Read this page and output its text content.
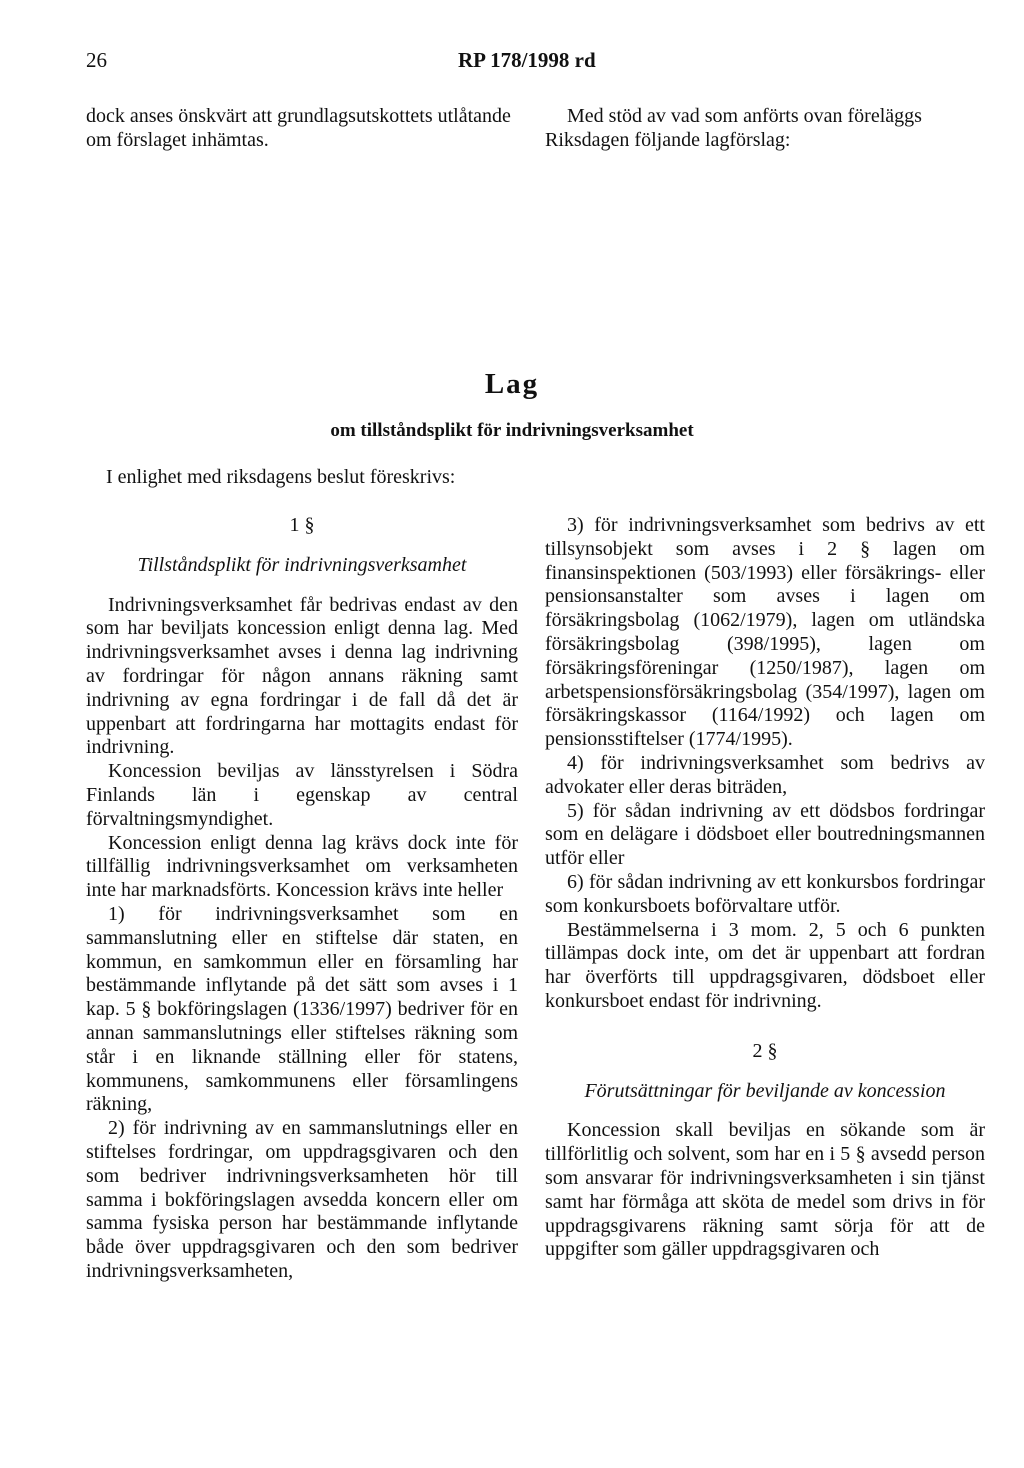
26	RP 178/1998 rd
dock anses önskvärt att grundlagsutskottets utlåtande om förslaget inhämtas.
Med stöd av vad som anförts ovan föreläggs Riksdagen följande lagförslag:
Lag
om tillståndsplikt för indrivningsverksamhet
I enlighet med riksdagens beslut föreskrivs:
1 §
Tillståndsplikt för indrivningsverksamhet

Indrivningsverksamhet får bedrivas endast av den som har beviljats koncession enligt denna lag. Med indrivningsverksamhet avses i denna lag indrivning av fordringar för någon annans räkning samt indrivning av egna fordringar i de fall då det är uppenbart att fordringarna har mottagits endast för indrivning.

Koncession beviljas av länsstyrelsen i Södra Finlands län i egenskap av central förvaltningsmyndighet.

Koncession enligt denna lag krävs dock inte för tillfällig indrivningsverksamhet om verksamheten inte har marknadsförts. Koncession krävs inte heller

1) för indrivningsverksamhet som en sammanslutning eller en stiftelse där staten, en kommun, en samkommun eller en församling har bestämmande inflytande på det sätt som avses i 1 kap. 5 § bokföringslagen (1336/1997) bedriver för en annan sammanslutnings eller stiftelses räkning som står i en liknande ställning eller för statens, kommunens, samkommunens eller församlingens räkning,

2) för indrivning av en sammanslutnings eller en stiftelses fordringar, om uppdragsgivaren och den som bedriver indrivningsverksamheten hör till samma i bokföringslagen avsedda koncern eller om samma fysiska person har bestämmande inflytande både över uppdragsgivaren och den som bedriver indrivningsverksamheten,

3) för indrivningsverksamhet som bedrivs av ett tillsynsobjekt som avses i 2 § lagen om finansinspektionen (503/1993) eller försäkrings- eller pensionsanstalter som avses i lagen om försäkringsbolag (1062/1979), lagen om utländska försäkringsbolag (398/1995), lagen om försäkringsföreningar (1250/1987), lagen om arbetspensionsförsäkringsbolag (354/1997), lagen om försäkringskassor (1164/1992) och lagen om pensionsstiftelser (1774/1995).

4) för indrivningsverksamhet som bedrivs av advokater eller deras biträden,

5) för sådan indrivning av ett dödsbos fordringar som en delägare i dödsboet eller boutredningsmannen utför eller

6) för sådan indrivning av ett konkursbos fordringar som konkursboets boförvaltare utför.

Bestämmelserna i 3 mom. 2, 5 och 6 punkten tillämpas dock inte, om det är uppenbart att fordran har överförts till uppdragsgivaren, dödsboet eller konkursboet endast för indrivning.

2 §
Förutsättningar för beviljande av koncession

Koncession skall beviljas en sökande som är tillförlitlig och solvent, som har en i 5 § avsedd person som ansvarar för indrivningsverksamheten i sin tjänst samt har förmåga att sköta de medel som drivs in för uppdragsgivarens räkning samt sörja för att de uppgifter som gäller uppdragsgivaren och
